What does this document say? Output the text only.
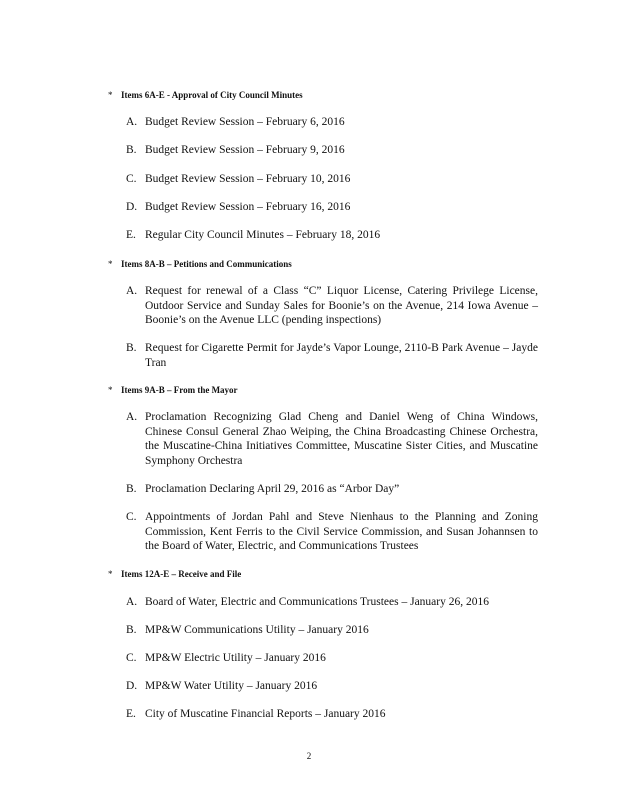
* Items 6A-E - Approval of City Council Minutes
A. Budget Review Session – February 6, 2016
B. Budget Review Session – February 9, 2016
C. Budget Review Session – February 10, 2016
D. Budget Review Session – February 16, 2016
E. Regular City Council Minutes – February 18, 2016
* Items 8A-B – Petitions and Communications
A. Request for renewal of a Class “C” Liquor License, Catering Privilege License, Outdoor Service and Sunday Sales for Boonie’s on the Avenue, 214 Iowa Avenue – Boonie’s on the Avenue LLC (pending inspections)
B. Request for Cigarette Permit for Jayde’s Vapor Lounge, 2110-B Park Avenue – Jayde Tran
* Items 9A-B – From the Mayor
A. Proclamation Recognizing Glad Cheng and Daniel Weng of China Windows, Chinese Consul General Zhao Weiping, the China Broadcasting Chinese Orchestra, the Muscatine-China Initiatives Committee, Muscatine Sister Cities, and Muscatine Symphony Orchestra
B. Proclamation Declaring April 29, 2016 as “Arbor Day”
C. Appointments of Jordan Pahl and Steve Nienhaus to the Planning and Zoning Commission, Kent Ferris to the Civil Service Commission, and Susan Johannsen to the Board of Water, Electric, and Communications Trustees
* Items 12A-E – Receive and File
A. Board of Water, Electric and Communications Trustees – January 26, 2016
B. MP&W Communications Utility – January 2016
C. MP&W Electric Utility – January 2016
D. MP&W Water Utility – January 2016
E. City of Muscatine Financial Reports – January 2016
2
